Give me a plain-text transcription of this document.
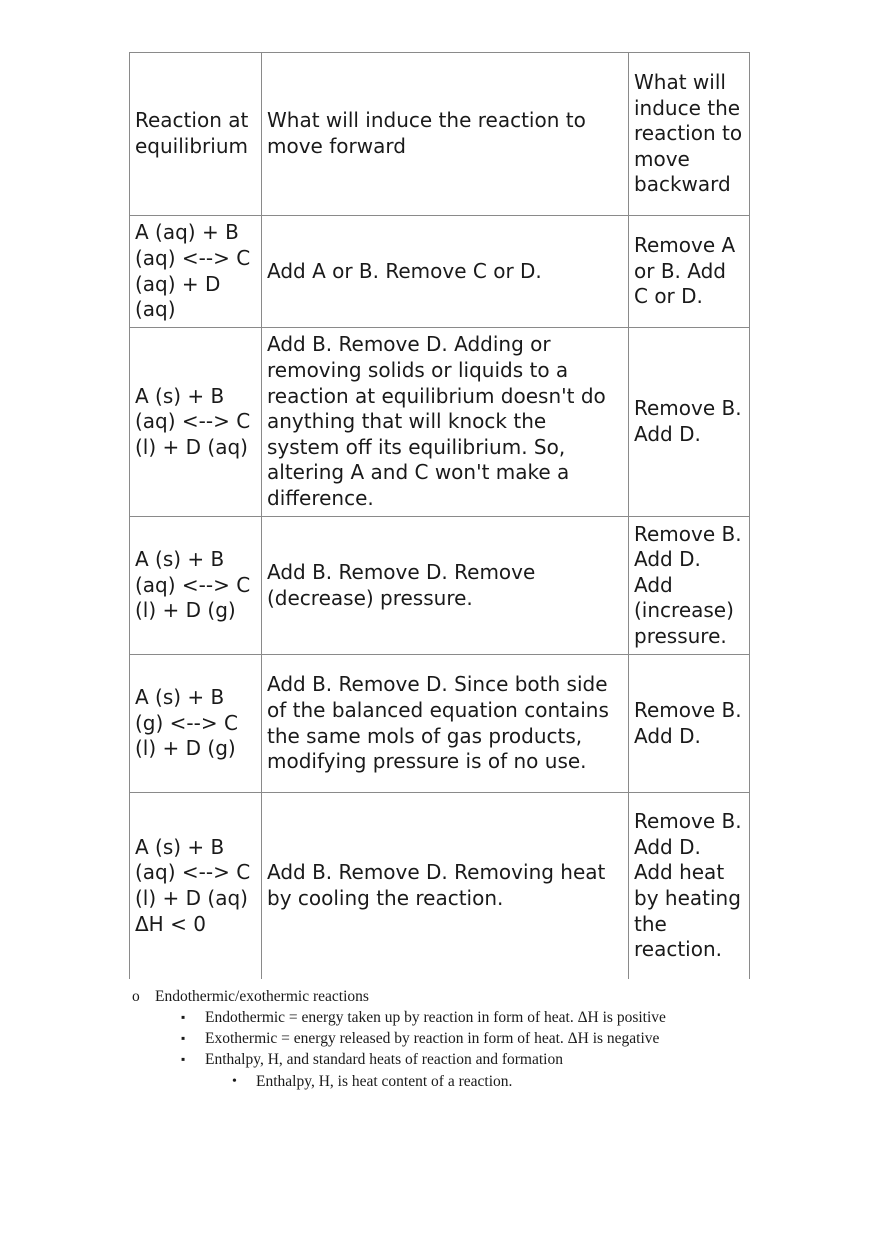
Reaction at equilibrium	What will induce the reaction to move forward	What will induce the reaction to move backward
A (aq) + B (aq) <--> C (aq) + D (aq)	Add A or B. Remove C or D.	Remove A or B. Add C or D.
A (s) + B (aq) <--> C (l) + D (aq)	Add B. Remove D. Adding or removing solids or liquids to a reaction at equilibrium doesn't do anything that will knock the system off its equilibrium. So, altering A and C won't make a difference.	Remove B. Add D.
A (s) + B (aq) <--> C (l) + D (g)	Add B. Remove D. Remove (decrease) pressure.	Remove B. Add D. Add (increase) pressure.
A (s) + B (g) <--> C (l) + D (g)	Add B. Remove D. Since both side of the balanced equation contains the same mols of gas products, modifying pressure is of no use.	Remove B. Add D.
A (s) + B (aq) <--> C (l) + D (aq) ΔH < 0	Add B. Remove D. Removing heat by cooling the reaction.	Remove B. Add D. Add heat by heating the reaction.
o Endothermic/exothermic reactions
▪ Endothermic = energy taken up by reaction in form of heat. ΔH is positive
▪ Exothermic = energy released by reaction in form of heat. ΔH is negative
▪ Enthalpy, H, and standard heats of reaction and formation
• Enthalpy, H, is heat content of a reaction.
